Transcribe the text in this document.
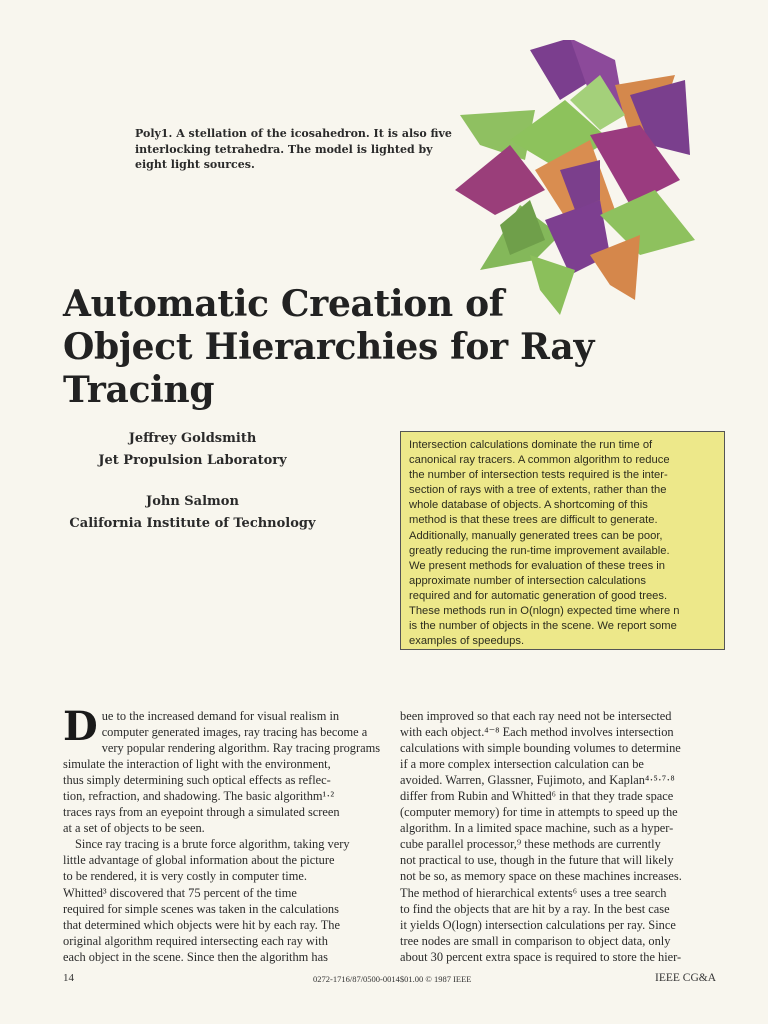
Poly1. A stellation of the icosahedron. It is also five interlocking tetrahedra. The model is lighted by eight light sources.
Automatic Creation of
Object Hierarchies for Ray
Tracing
Jeffrey Goldsmith
Jet Propulsion Laboratory
John Salmon
California Institute of Technology
Intersection calculations dominate the run time of
canonical ray tracers. A common algorithm to reduce
the number of intersection tests required is the inter-
section of rays with a tree of extents, rather than the
whole database of objects. A shortcoming of this
method is that these trees are difficult to generate.
Additionally, manually generated trees can be poor,
greatly reducing the run-time improvement available.
We present methods for evaluation of these trees in
approximate number of intersection calculations
required and for automatic generation of good trees.
These methods run in O(nlogn) expected time where n
is the number of objects in the scene. We report some
examples of speedups.
D ue to the increased demand for visual realism in

computer generated images, ray tracing has become a
very popular rendering algorithm. Ray tracing programs
simulate the interaction of light with the environment,
thus simply determining such optical effects as reflec-
tion, refraction, and shadowing. The basic algorithm¹·²
traces rays from an eyepoint through a simulated screen
at a set of objects to be seen.
Since ray tracing is a brute force algorithm, taking very
little advantage of global information about the picture
to be rendered, it is very costly in computer time.
Whitted³ discovered that 75 percent of the time
required for simple scenes was taken in the calculations
that determined which objects were hit by each ray. The
original algorithm required intersecting each ray with
each object in the scene. Since then the algorithm has
been improved so that each ray need not be intersected
with each object.⁴⁻⁸ Each method involves intersection
calculations with simple bounding volumes to determine
if a more complex intersection calculation can be
avoided. Warren, Glassner, Fujimoto, and Kaplan⁴·⁵·⁷·⁸
differ from Rubin and Whitted⁶ in that they trade space
(computer memory) for time in attempts to speed up the
algorithm. In a limited space machine, such as a hyper-
cube parallel processor,⁹ these methods are currently
not practical to use, though in the future that will likely
not be so, as memory space on these machines increases.
The method of hierarchical extents⁶ uses a tree search
to find the objects that are hit by a ray. In the best case
it yields O(logn) intersection calculations per ray. Since
tree nodes are small in comparison to object data, only
about 30 percent extra space is required to store the hier-
14	0272-1716/87/0500-0014$01.00 © 1987 IEEE	IEEE CG&A
